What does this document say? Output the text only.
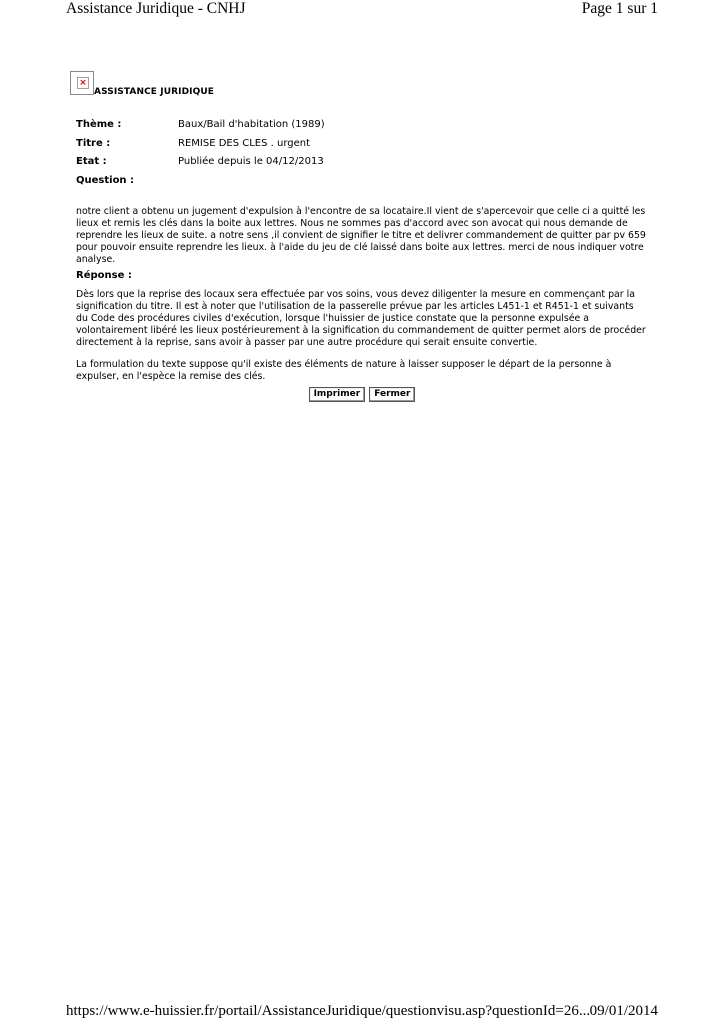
Assistance Juridique - CNHJ	Page 1 sur 1
×
ASSISTANCE JURIDIQUE
Thème :	Baux/Bail d'habitation (1989)
Titre :	REMISE DES CLES . urgent
Etat :	Publiée depuis le 04/12/2013
Question :
notre client a obtenu un jugement d'expulsion à l'encontre de sa locataire.Il vient de s'apercevoir que celle ci a quitté les lieux et remis les clés dans la boite aux lettres. Nous ne sommes pas d'accord avec son avocat qui nous demande de reprendre les lieux de suite. a notre sens ,il convient de signifier le titre et delivrer commandement de quitter par pv 659 pour pouvoir ensuite reprendre les lieux. à l'aide du jeu de clé laissé dans boite aux lettres. merci de nous indiquer votre analyse.
Réponse :
Dès lors que la reprise des locaux sera effectuée par vos soins, vous devez diligenter la mesure en commençant par la signification du titre. Il est à noter que l'utilisation de la passerelle prévue par les articles L451-1 et R451-1 et suivants du Code des procédures civiles d'exécution, lorsque l'huissier de justice constate que la personne expulsée a volontairement libéré les lieux postérieurement à la signification du commandement de quitter permet alors de procéder directement à la reprise, sans avoir à passer par une autre procédure qui serait ensuite convertie.
La formulation du texte suppose qu'il existe des éléments de nature à laisser supposer le départ de la personne à expulser, en l'espèce la remise des clés.
Imprimer Fermer
https://www.e-huissier.fr/portail/AssistanceJuridique/questionvisu.asp?questionId=26... 09/01/2014
